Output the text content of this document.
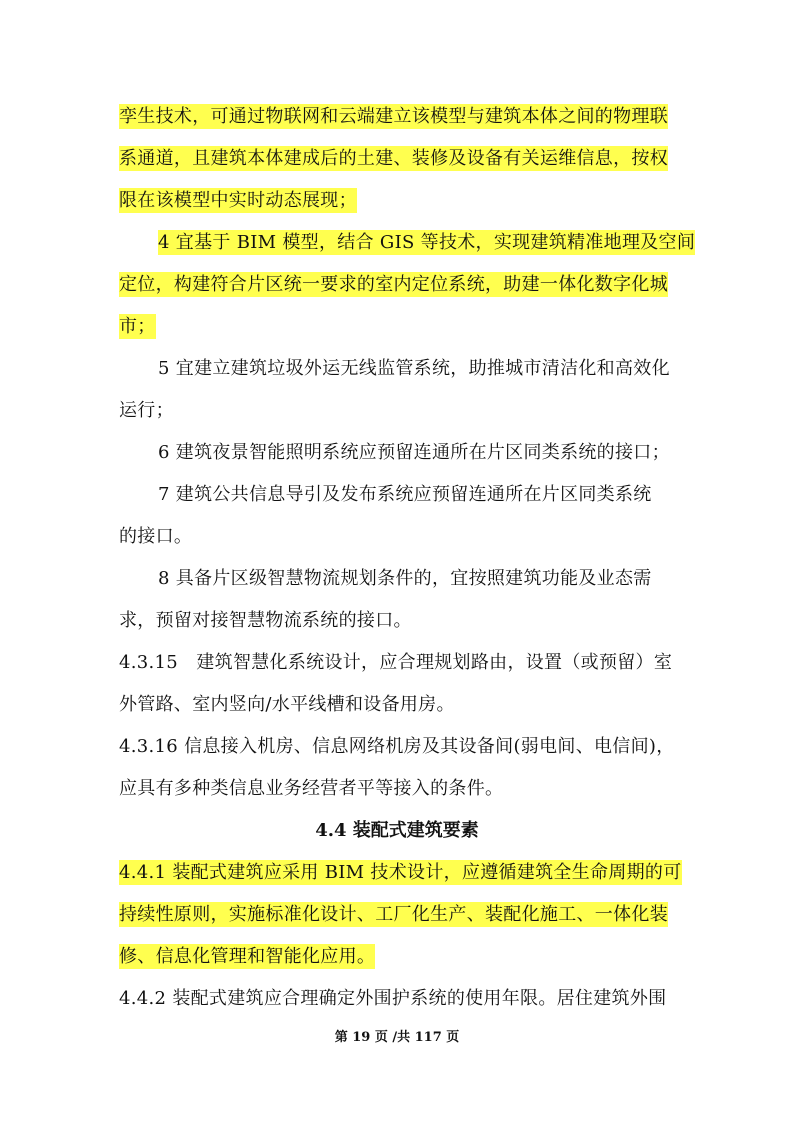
孪生技术，可通过物联网和云端建立该模型与建筑本体之间的物理联
系通道，且建筑本体建成后的土建、装修及设备有关运维信息，按权
限在该模型中实时动态展现；
4 宜基于 BIM 模型，结合 GIS 等技术，实现建筑精准地理及空间
定位，构建符合片区统一要求的室内定位系统，助建一体化数字化城
市；
5 宜建立建筑垃圾外运无线监管系统，助推城市清洁化和高效化
运行；
6 建筑夜景智能照明系统应预留连通所在片区同类系统的接口；
7 建筑公共信息导引及发布系统应预留连通所在片区同类系统
的接口。
8 具备片区级智慧物流规划条件的，宜按照建筑功能及业态需
求，预留对接智慧物流系统的接口。
4.3.15　建筑智慧化系统设计，应合理规划路由，设置（或预留）室
外管路、室内竖向/水平线槽和设备用房。
4.3.16 信息接入机房、信息网络机房及其设备间(弱电间、电信间)，
应具有多种类信息业务经营者平等接入的条件。
4.4 装配式建筑要素
4.4.1 装配式建筑应采用 BIM 技术设计，应遵循建筑全生命周期的可
持续性原则，实施标准化设计、工厂化生产、装配化施工、一体化装
修、信息化管理和智能化应用。
4.4.2 装配式建筑应合理确定外围护系统的使用年限。居住建筑外围
第 19 页 /共 117 页
